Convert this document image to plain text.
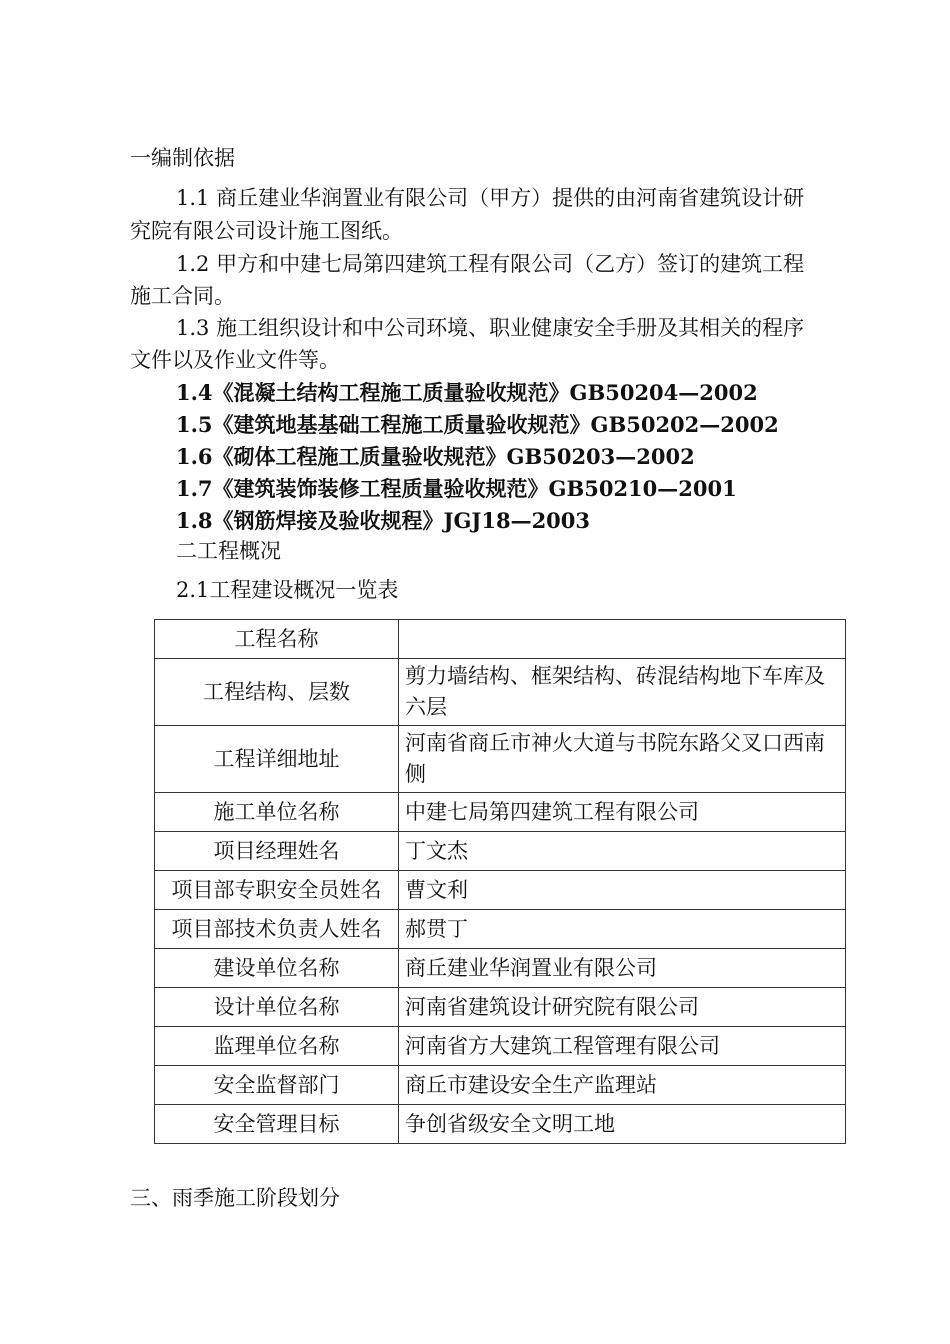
一编制依据
1.1 商丘建业华润置业有限公司（甲方）提供的由河南省建筑设计研
究院有限公司设计施工图纸。
1.2 甲方和中建七局第四建筑工程有限公司（乙方）签订的建筑工程
施工合同。
1.3 施工组织设计和中公司环境、职业健康安全手册及其相关的程序
文件以及作业文件等。
1.4《混凝土结构工程施工质量验收规范》GB50204—2002
1.5《建筑地基基础工程施工质量验收规范》GB50202—2002
1.6《砌体工程施工质量验收规范》GB50203—2002
1.7《建筑装饰装修工程质量验收规范》GB50210—2001
1.8《钢筋焊接及验收规程》JGJ18—2003
二工程概况
2.1工程建设概况一览表
工程名称	
工程结构、层数	剪力墙结构、框架结构、砖混结构地下车库及六层
工程详细地址	河南省商丘市神火大道与书院东路父叉口西南侧
施工单位名称	中建七局第四建筑工程有限公司
项目经理姓名	丁文杰
项目部专职安全员姓名	曹文利
项目部技术负责人姓名	郝贯丁
建设单位名称	商丘建业华润置业有限公司
设计单位名称	河南省建筑设计研究院有限公司
监理单位名称	河南省方大建筑工程管理有限公司
安全监督部门	商丘市建设安全生产监理站
安全管理目标	争创省级安全文明工地
三、雨季施工阶段划分
